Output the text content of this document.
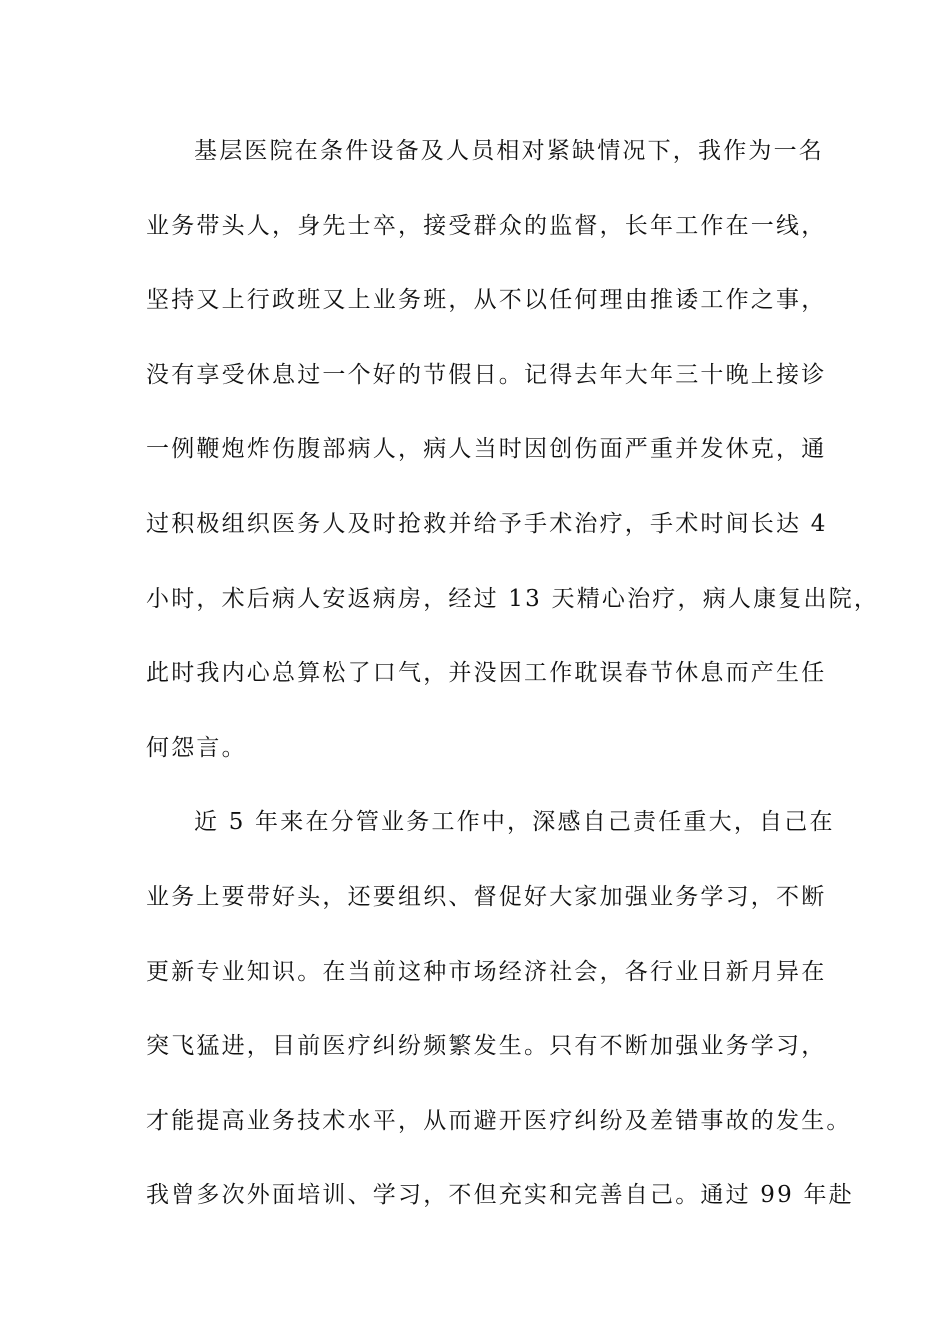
基层医院在条件设备及人员相对紧缺情况下，我作为一名
业务带头人，身先士卒，接受群众的监督，长年工作在一线，
坚持又上行政班又上业务班，从不以任何理由推诿工作之事，
没有享受休息过一个好的节假日。记得去年大年三十晚上接诊
一例鞭炮炸伤腹部病人，病人当时因创伤面严重并发休克，通
过积极组织医务人及时抢救并给予手术治疗，手术时间长达 4
小时，术后病人安返病房，经过 13 天精心治疗，病人康复出院，
此时我内心总算松了口气，并没因工作耽误春节休息而产生任
何怨言。
近 5 年来在分管业务工作中，深感自己责任重大，自己在
业务上要带好头，还要组织、督促好大家加强业务学习，不断
更新专业知识。在当前这种市场经济社会，各行业日新月异在
突飞猛进，目前医疗纠纷频繁发生。只有不断加强业务学习，
才能提高业务技术水平，从而避开医疗纠纷及差错事故的发生。
我曾多次外面培训、学习，不但充实和完善自己。通过 99 年赴
